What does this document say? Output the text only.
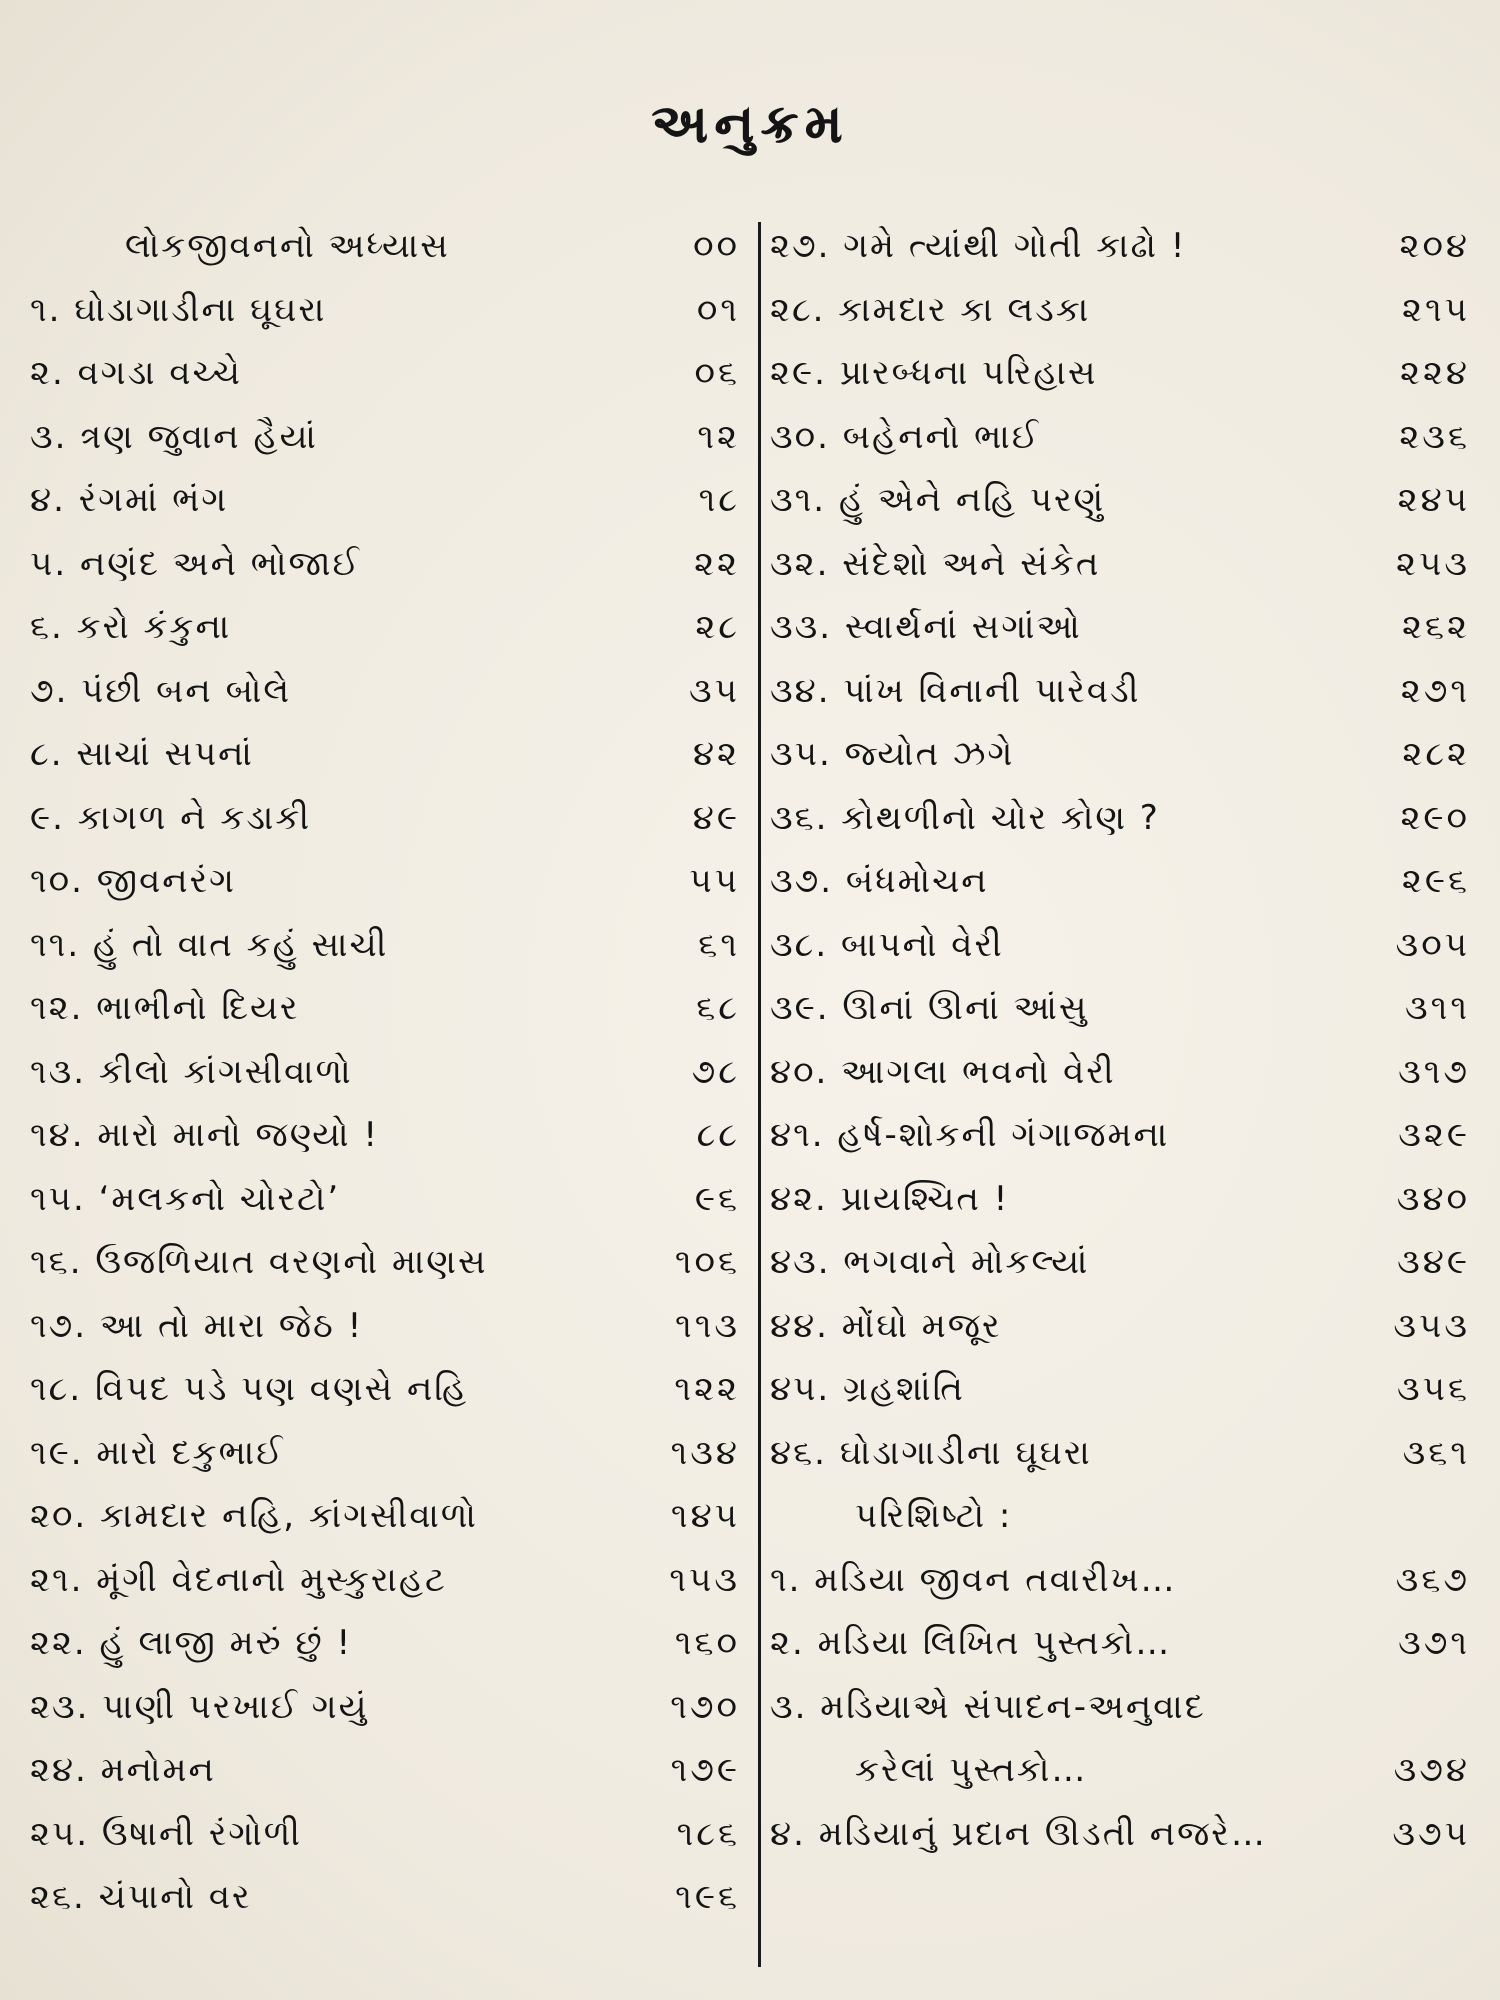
અનુક્રમ
લોકજીવનનો અધ્યાસ	૦૦
૧. ઘોડાગાડીના ઘૂઘરા	૦૧
૨. વગડા વચ્ચે	૦૬
૩. ત્રણ જુવાન હૈયાં	૧૨
૪. રંગમાં ભંગ	૧૮
૫. નણંદ અને ભોજાઈ	૨૨
૬. કરો કંકુના	૨૮
૭. પંછી બન બોલે	૩૫
૮. સાચાં સપનાં	૪૨
૯. કાગળ ને કડાકી	૪૯
૧૦. જીવનરંગ	૫૫
૧૧. હું તો વાત કહું સાચી	૬૧
૧૨. ભાભીનો દિયર	૬૮
૧૩. કીલો કાંગસીવાળો	૭૮
૧૪. મારો માનો જણ્યો !	૮૮
૧૫. ‘મલકનો ચોરટો’	૯૬
૧૬. ઉજળિયાત વરણનો માણસ	૧૦૬
૧૭. આ તો મારા જેઠ !	૧૧૩
૧૮. વિપદ પડે પણ વણસે નહિ	૧૨૨
૧૯. મારો દકુભાઈ	૧૩૪
૨૦. કામદાર નહિ, કાંગસીવાળો	૧૪૫
૨૧. મૂંગી વેદનાનો મુસ્કુરાહટ	૧૫૩
૨૨. હું લાજી મરું છું !	૧૬૦
૨૩. પાણી પરખાઈ ગયું	૧૭૦
૨૪. મનોમન	૧૭૯
૨૫. ઉષાની રંગોળી	૧૮૬
૨૬. ચંપાનો વર	૧૯૬
૨૭. ગમે ત્યાંથી ગોતી કાઢો !	૨૦૪
૨૮. કામદાર કા લડકા	૨૧૫
૨૯. પ્રારબ્ધના પરિહાસ	૨૨૪
૩૦. બહેનનો ભાઈ	૨૩૬
૩૧. હું એને નહિ પરણું	૨૪૫
૩૨. સંદેશો અને સંકેત	૨૫૩
૩૩. સ્વાર્થનાં સગાંઓ	૨૬૨
૩૪. પાંખ વિનાની પારેવડી	૨૭૧
૩૫. જ્યોત ઝગે	૨૮૨
૩૬. કોથળીનો ચોર કોણ ?	૨૯૦
૩૭. બંધમોચન	૨૯૬
૩૮. બાપનો વેરી	૩૦૫
૩૯. ઊનાં ઊનાં આંસુ	૩૧૧
૪૦. આગલા ભવનો વેરી	૩૧૭
૪૧. હર્ષ-શોકની ગંગાજમના	૩૨૯
૪૨. પ્રાયશ્ચિત !	૩૪૦
૪૩. ભગવાને મોકલ્યાં	૩૪૯
૪૪. મોંઘો મજૂર	૩૫૩
૪૫. ગ્રહશાંતિ	૩૫૬
૪૬. ઘોડાગાડીના ઘૂઘરા	૩૬૧
પરિશિષ્ટો :
૧. મડિયા જીવન તવારીખ…	૩૬૭
૨. મડિયા લિખિત પુસ્તકો…	૩૭૧
૩. મડિયાએ સંપાદન-અનુવાદ
કરેલાં પુસ્તકો…	૩૭૪
૪. મડિયાનું પ્રદાન ઊડતી નજરે…	૩૭૫
